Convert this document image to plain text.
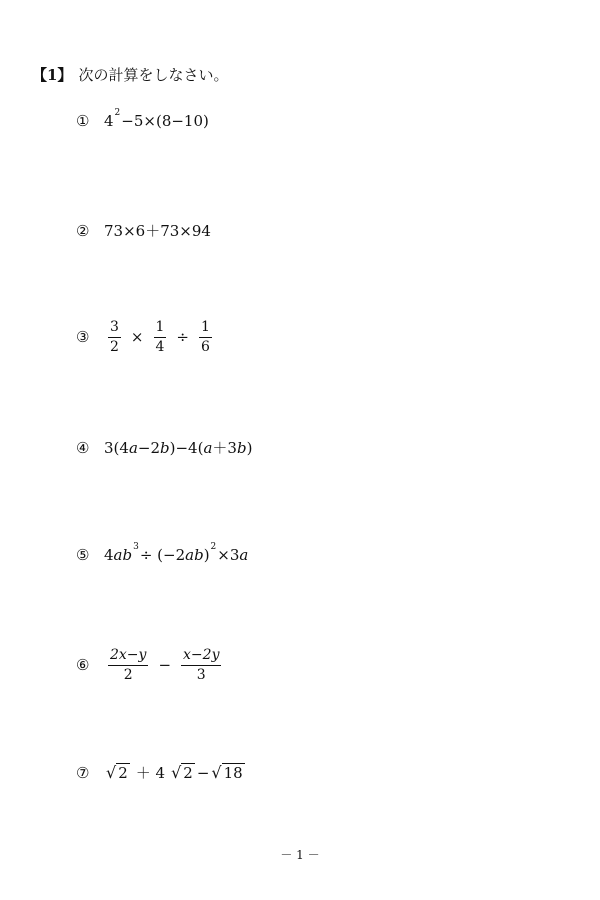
【1】 次の計算をしなさい。
① 4 2 −5×(8−10)
② 73×6＋73×94
③	$\frac{3}{2} \times \frac{1}{4} \div \frac{1}{6}$
④ 3(4 a −2 b )−4( a ＋3 b )
⑤ 4 ab 3 ÷ (−2 ab ) 2 ×3 a
⑥	$\frac{2x-y}{2} - \frac{x-2y}{3}$
⑦	√ 2 ＋ 4 √ 2 − √ 18
－ 1 －
